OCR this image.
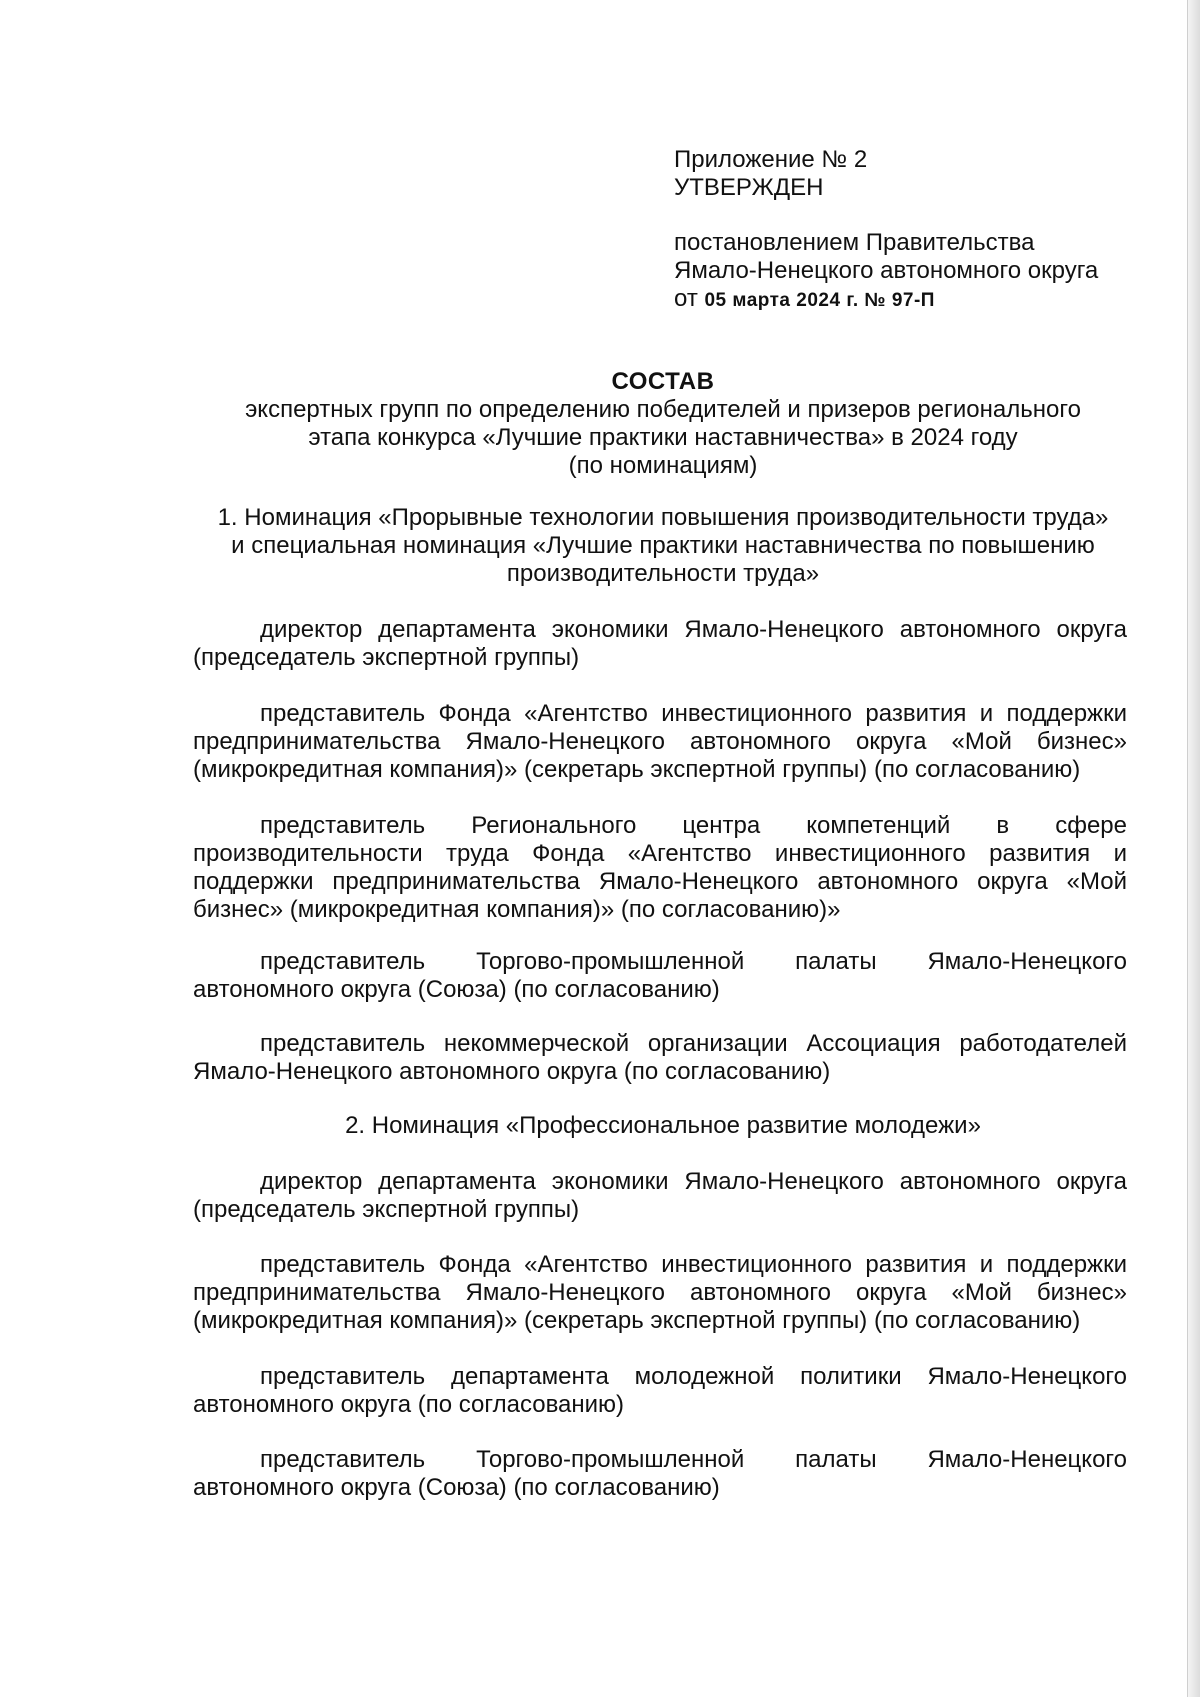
Приложение № 2
УТВЕРЖДЕН
постановлением Правительства
Ямало-Ненецкого автономного округа
от 05 марта 2024 г. № 97-П
СОСТАВ
экспертных групп по определению победителей и призеров регионального
этапа конкурса «Лучшие практики наставничества» в 2024 году
(по номинациям)
1. Номинация «Прорывные технологии повышения производительности труда» и специальная номинация «Лучшие практики наставничества по повышению производительности труда»
директор департамента экономики Ямало-Ненецкого автономного округа (председатель экспертной группы)
представитель Фонда «Агентство инвестиционного развития и поддержки предпринимательства Ямало-Ненецкого автономного округа «Мой бизнес» (микрокредитная компания)» (секретарь экспертной группы) (по согласованию)
представитель Регионального центра компетенций в сфере производительности труда Фонда «Агентство инвестиционного развития и поддержки предпринимательства Ямало-Ненецкого автономного округа «Мой бизнес» (микрокредитная компания)» (по согласованию)»
представитель Торгово-промышленной палаты Ямало-Ненецкого автономного округа (Союза) (по согласованию)
представитель некоммерческой организации Ассоциация работодателей Ямало-Ненецкого автономного округа (по согласованию)
2. Номинация «Профессиональное развитие молодежи»
директор департамента экономики Ямало-Ненецкого автономного округа (председатель экспертной группы)
представитель Фонда «Агентство инвестиционного развития и поддержки предпринимательства Ямало-Ненецкого автономного округа «Мой бизнес» (микрокредитная компания)» (секретарь экспертной группы) (по согласованию)
представитель департамента молодежной политики Ямало-Ненецкого автономного округа (по согласованию)
представитель Торгово-промышленной палаты Ямало-Ненецкого автономного округа (Союза) (по согласованию)
